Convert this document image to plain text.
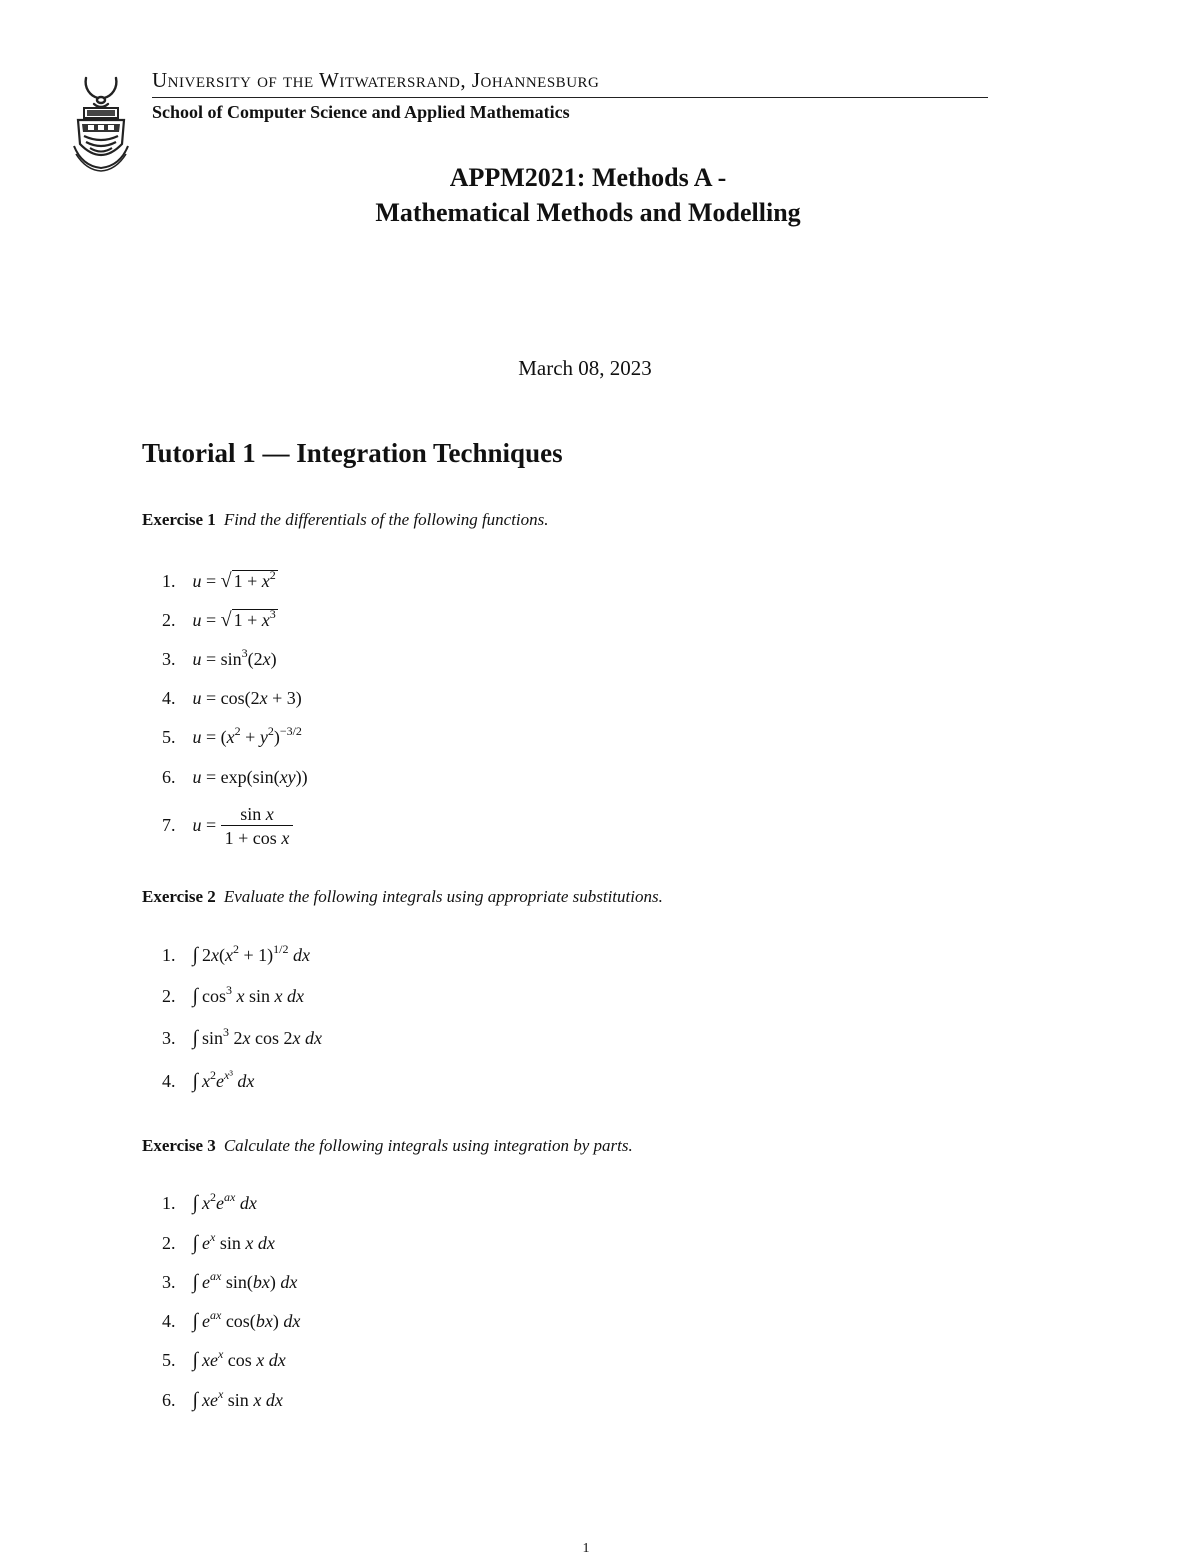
University of the Witwatersrand, Johannesburg
School of Computer Science and Applied Mathematics
APPM2021: Methods A -
Mathematical Methods and Modelling
March 08, 2023
Tutorial 1 — Integration Techniques
Exercise 1 Find the differentials of the following functions.
1. u = √ $1 + x^2$
2. u = √ $1 + x^3$
3. $u = \sin^3(2x)$
4. u = cos(2x + 3)
5. $u = (x^2 + y^2)^{-3/2}$
6. u = exp(sin(xy))
7. $u = \frac{\text{sin x}}{\text{1 + cos x}}$
Exercise 2 Evaluate the following integrals using appropriate substitutions.
1. ∫ $2x(x^2 + 1)^{1/2}$ dx
2. ∫ $\cos^3 x$ sin x dx
3. ∫ $\sin^3 2x$ cos 2x dx
4. ∫ $x^2e^{x^3}$ dx
Exercise 3 Calculate the following integrals using integration by parts.
1. ∫ $x^2e^{ax}$ dx
2. ∫ $e^x$ sin x dx
3. ∫ $e^{ax}$ sin(bx) dx
4. ∫ $e^{ax}$ cos(bx) dx
5. ∫ $xe^x$ cos x dx
6. ∫ $xe^x$ sin x dx
1
